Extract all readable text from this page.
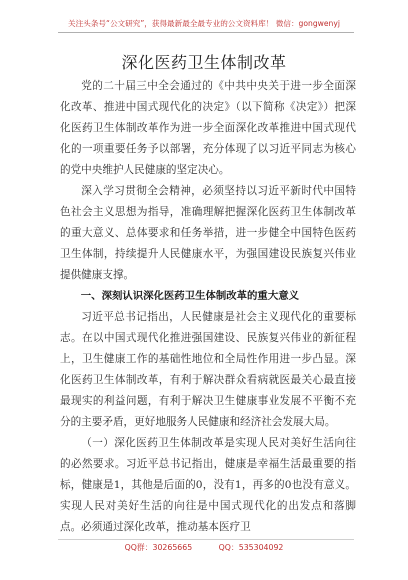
关注头条号“公文研究”，获得最新最全最专业的公文资料库！ 微信：gongwenyj
深化医药卫生体制改革

党的二十届三中全会通过的《中共中央关于进一步全面深化改革、推进中国式现代化的决定》（以下简称《决定》）把深化医药卫生体制改革作为进一步全面深化改革推进中国式现代化的一项重要任务予以部署，充分体现了以习近平同志为核心的党中央维护人民健康的坚定决心。

深入学习贯彻全会精神，必须坚持以习近平新时代中国特色社会主义思想为指导，准确理解把握深化医药卫生体制改革的重大意义、总体要求和任务举措，进一步健全中国特色医药卫生体制，持续提升人民健康水平，为强国建设民族复兴伟业提供健康支撑。

一、深刻认识深化医药卫生体制改革的重大意义

习近平总书记指出，人民健康是社会主义现代化的重要标志。在以中国式现代化推进强国建设、民族复兴伟业的新征程上，卫生健康工作的基础性地位和全局性作用进一步凸显。深化医药卫生体制改革，有利于解决群众看病就医最关心最直接最现实的利益问题，有利于解决卫生健康事业发展不平衡不充分的主要矛盾，更好地服务人民健康和经济社会发展大局。

（一）深化医药卫生体制改革是实现人民对美好生活向往的必然要求。习近平总书记指出，健康是幸福生活最重要的指标，健康是1，其他是后面的0，没有1，再多的0也没有意义。实现人民对美好生活的向往是中国式现代化的出发点和落脚点。必须通过深化改革，推动基本医疗卫

QQ群：30265665	QQ：535304092
